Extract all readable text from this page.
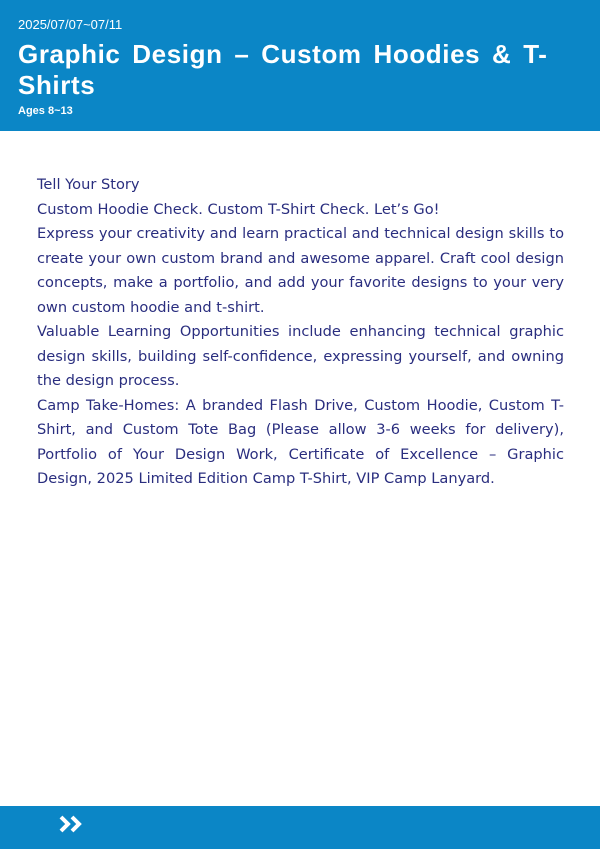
2025/07/07~07/11
Graphic Design – Custom Hoodies & T-Shirts
Ages 8~13

Tell Your Story

Custom Hoodie Check. Custom T-Shirt Check. Let’s Go!

Express your creativity and learn practical and technical design skills to create your own custom brand and awesome apparel. Craft cool design concepts, make a portfolio, and add your favorite designs to your very own custom hoodie and t-shirt.

Valuable Learning Opportunities include enhancing technical graphic design skills, building self-confidence, expressing yourself, and owning the design process.

Camp Take-Homes: A branded Flash Drive, Custom Hoodie, Custom T-Shirt, and Custom Tote Bag (Please allow 3-6 weeks for delivery), Portfolio of Your Design Work, Certificate of Excellence – Graphic Design, 2025 Limited Edition Camp T-Shirt, VIP Camp Lanyard.
